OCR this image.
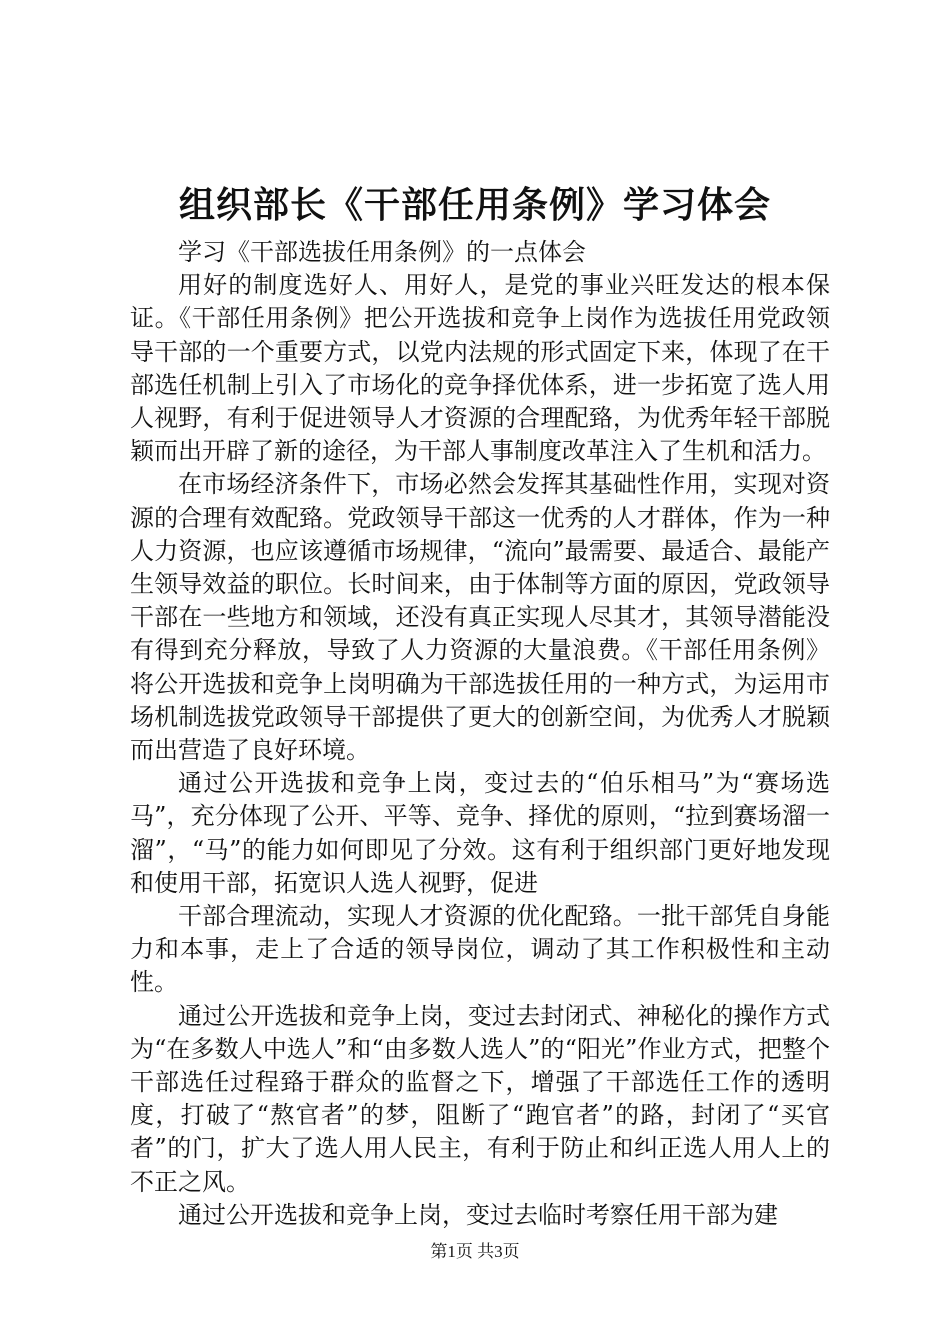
组织部长《干部任用条例》学习体会

学习《干部选拔任用条例》的一点体会

用好的制度选好人、用好人，是党的事业兴旺发达的根本保证。《干部任用条例》把公开选拔和竞争上岗作为选拔任用党政领导干部的一个重要方式，以党内法规的形式固定下来，体现了在干部选任机制上引入了市场化的竞争择优体系，进一步拓宽了选人用人视野，有利于促进领导人才资源的合理配臵，为优秀年轻干部脱颖而出开辟了新的途径，为干部人事制度改革注入了生机和活力。

在市场经济条件下，市场必然会发挥其基础性作用，实现对资源的合理有效配臵。党政领导干部这一优秀的人才群体，作为一种人力资源，也应该遵循市场规律，“流向”最需要、最适合、最能产生领导效益的职位。长时间来，由于体制等方面的原因，党政领导干部在一些地方和领域，还没有真正实现人尽其才，其领导潜能没有得到充分释放，导致了人力资源的大量浪费。《干部任用条例》将公开选拔和竞争上岗明确为干部选拔任用的一种方式，为运用市场机制选拔党政领导干部提供了更大的创新空间，为优秀人才脱颖而出营造了良好环境。

通过公开选拔和竞争上岗，变过去的“伯乐相马”为“赛场选马”，充分体现了公开、平等、竞争、择优的原则，“拉到赛场溜一溜”，“马”的能力如何即见了分效。这有利于组织部门更好地发现和使用干部，拓宽识人选人视野，促进

干部合理流动，实现人才资源的优化配臵。一批干部凭自身能力和本事，走上了合适的领导岗位，调动了其工作积极性和主动性。

通过公开选拔和竞争上岗，变过去封闭式、神秘化的操作方式为“在多数人中选人”和“由多数人选人”的“阳光”作业方式，把整个干部选任过程臵于群众的监督之下，增强了干部选任工作的透明度，打破了“熬官者”的梦，阻断了“跑官者”的路，封闭了“买官者”的门，扩大了选人用人民主，有利于防止和纠正选人用人上的不正之风。

通过公开选拔和竞争上岗，变过去临时考察任用干部为建

第1页 共3页
